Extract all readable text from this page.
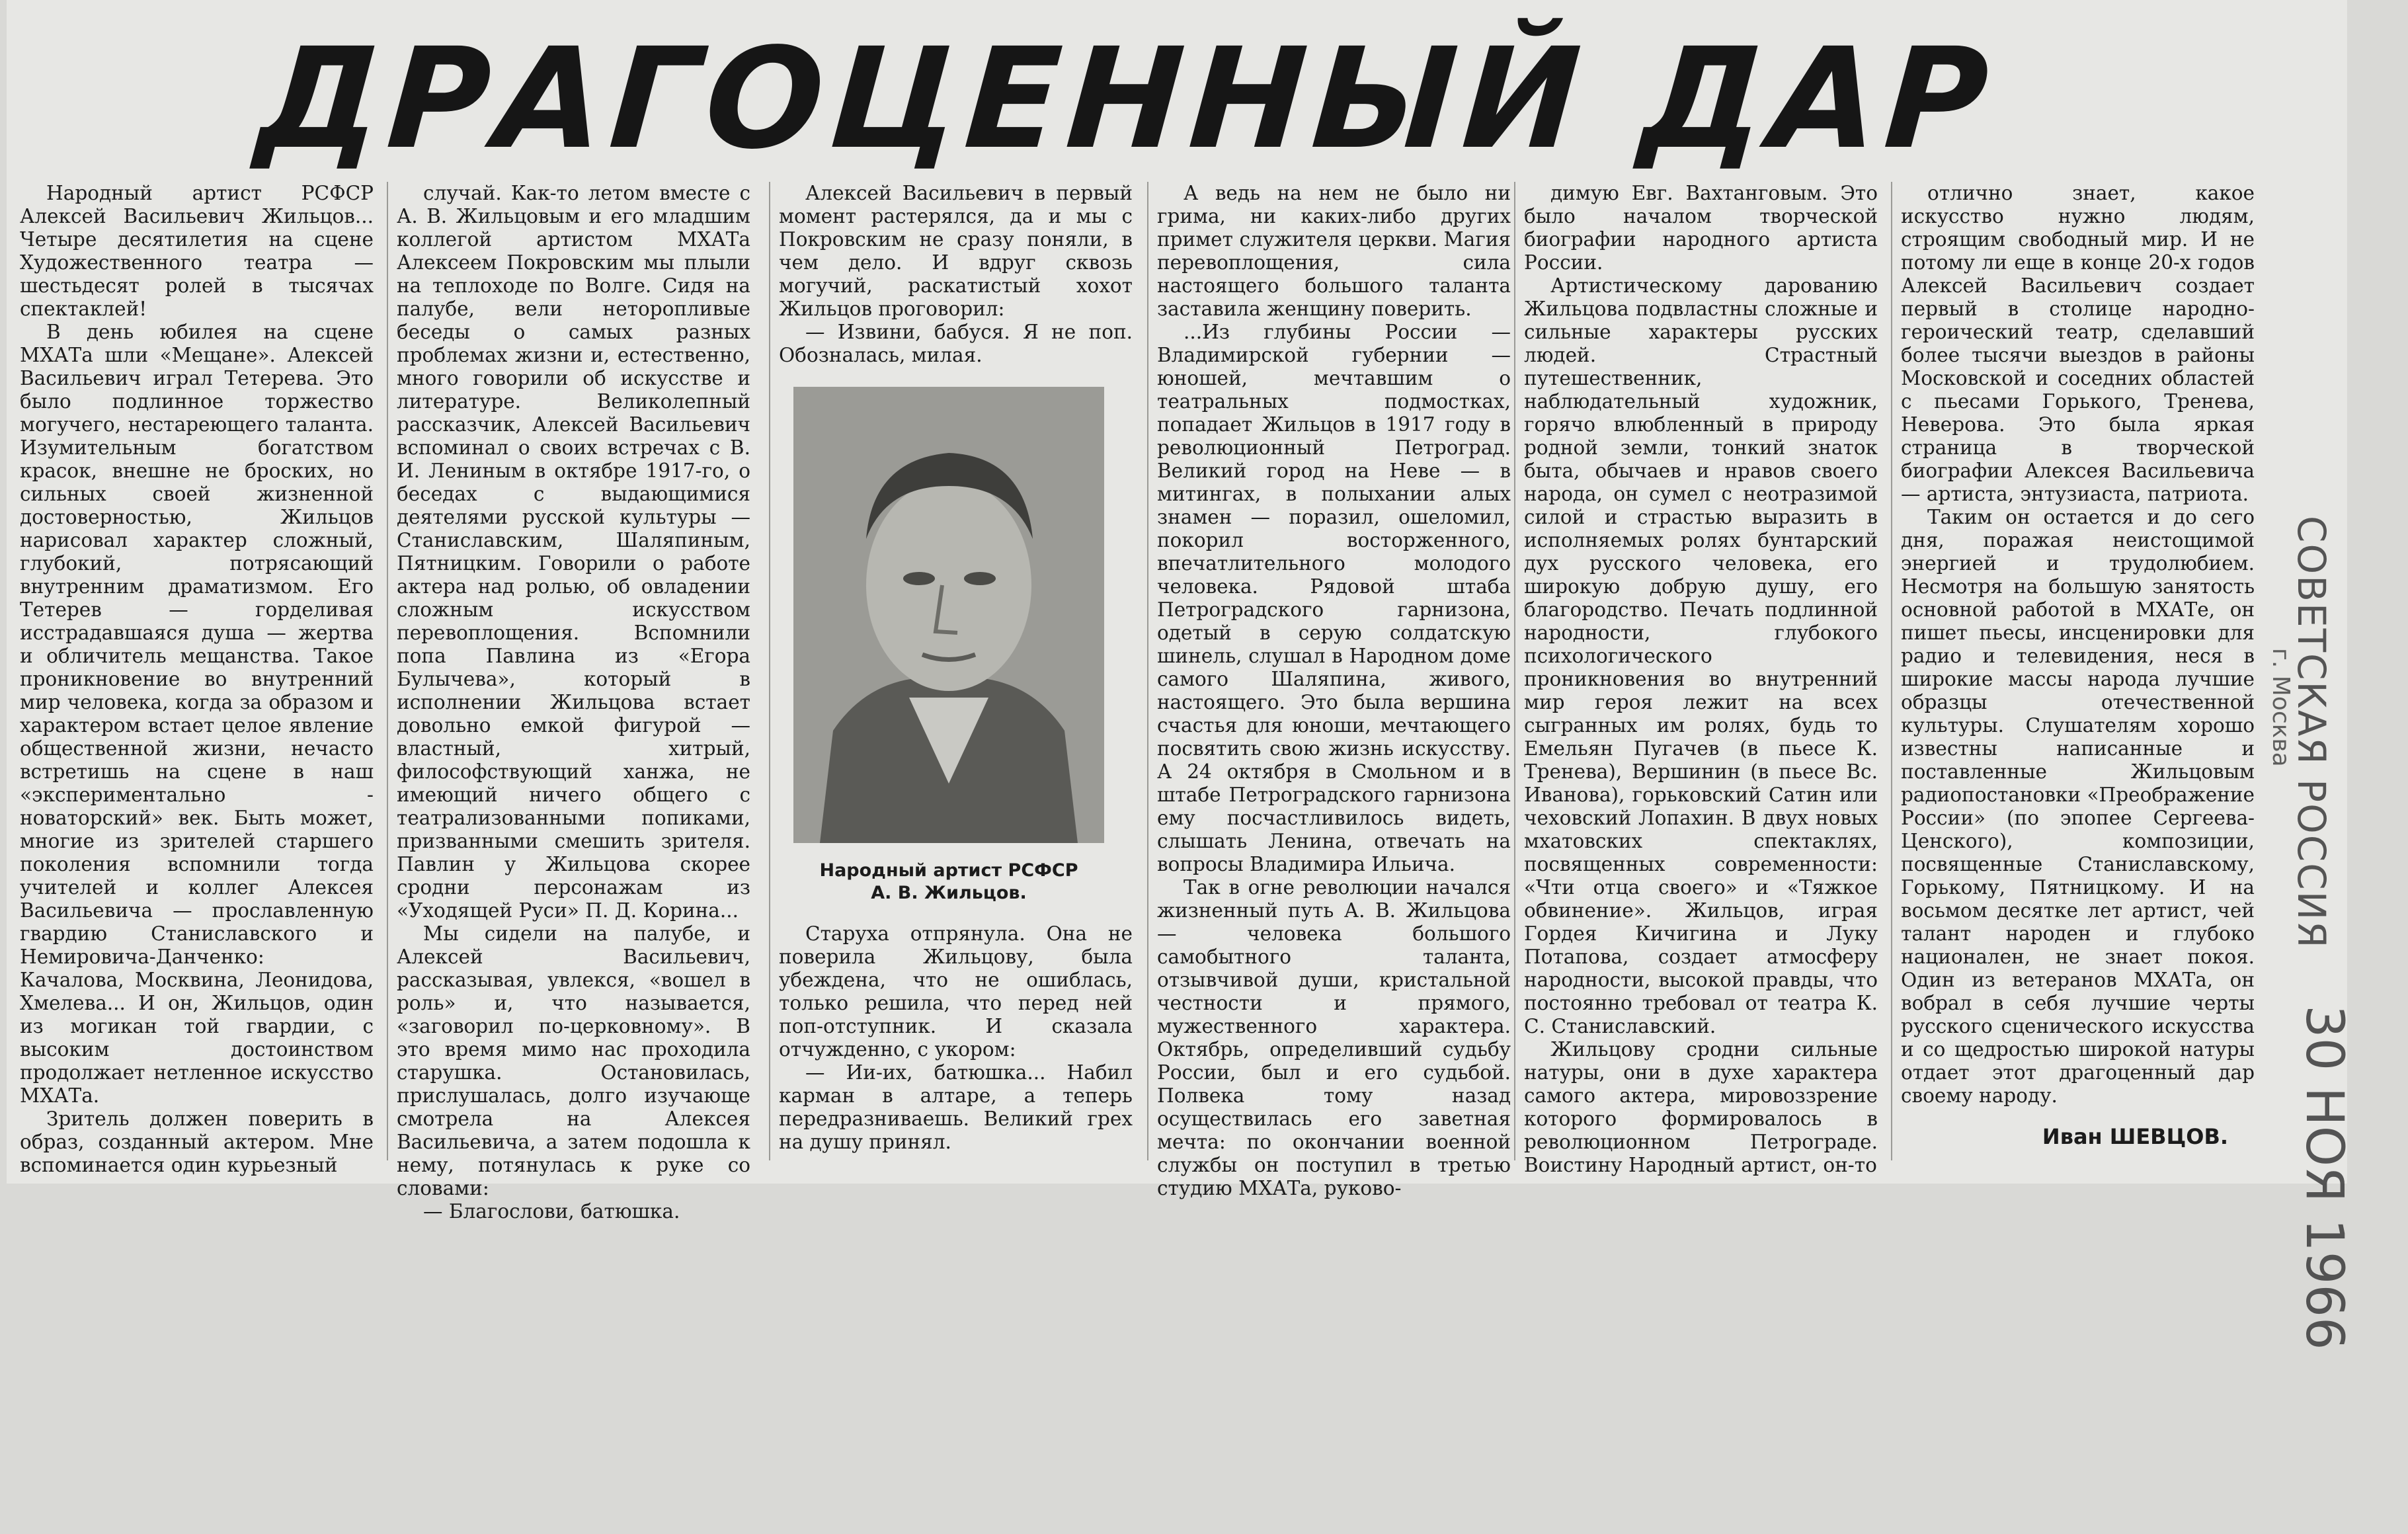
ДРАГОЦЕННЫЙ ДАР

Народный артист РСФСР Алексей Васильевич Жильцов... Четыре десятилетия на сцене Художественного театра — шестьдесят ролей в тысячах спектаклей!

В день юбилея на сцене МХАТа шли «Мещане». Алексей Васильевич играл Тетерева. Это было подлинное торжество могучего, нестареющего таланта. Изумительным богатством красок, внешне не броских, но сильных своей жизненной достоверностью, Жильцов нарисовал характер сложный, глубокий, потрясающий внутренним драматизмом. Его Тетерев — горделивая исстрадавшаяся душа — жертва и обличитель мещанства. Такое проникновение во внутренний мир человека, когда за образом и характером встает целое явление общественной жизни, нечасто встретишь на сцене в наш «экспериментально - новаторский» век. Быть может, многие из зрителей старшего поколения вспомнили тогда учителей и коллег Алексея Васильевича — прославленную гвардию Станиславского и Немировича-Данченко: Качалова, Москвина, Леонидова, Хмелева... И он, Жильцов, один из могикан той гвардии, с высоким достоинством продолжает нетленное искусство МХАТа.

Зритель должен поверить в образ, созданный актером. Мне вспоминается один курьезный

случай. Как-то летом вместе с А. В. Жильцовым и его младшим коллегой артистом МХАТа Алексеем Покровским мы плыли на теплоходе по Волге. Сидя на палубе, вели неторопливые беседы о самых разных проблемах жизни и, естественно, много говорили об искусстве и литературе. Великолепный рассказчик, Алексей Васильевич вспоминал о своих встречах с В. И. Лениным в октябре 1917-го, о беседах с выдающимися деятелями русской культуры — Станиславским, Шаляпиным, Пятницким. Говорили о работе актера над ролью, об овладении сложным искусством перевоплощения. Вспомнили попа Павлина из «Егора Булычева», который в исполнении Жильцова встает довольно емкой фигурой — властный, хитрый, философствующий ханжа, не имеющий ничего общего с театрализованными попиками, призванными смешить зрителя. Павлин у Жильцова скорее сродни персонажам из «Уходящей Руси» П. Д. Корина...

Мы сидели на палубе, и Алексей Васильевич, рассказывая, увлекся, «вошел в роль» и, что называется, «заговорил по-церковному». В это время мимо нас проходила старушка. Остановилась, прислушалась, долго изучающе смотрела на Алексея Васильевича, а затем подошла к нему, потянулась к руке со словами:

— Благослови, батюшка.

Алексей Васильевич в первый момент растерялся, да и мы с Покровским не сразу поняли, в чем дело. И вдруг сквозь могучий, раскатистый хохот Жильцов проговорил:

— Извини, бабуся. Я не поп. Обозналась, милая.

Старуха отпрянула. Она не поверила Жильцову, была убеждена, что не ошиблась, только решила, что перед ней поп-отступник. И сказала отчужденно, с укором:

— Ии-их, батюшка... Набил карман в алтаре, а теперь передразниваешь. Великий грех на душу принял.

Народный артист РСФСР
А. В. Жильцов.

А ведь на нем не было ни грима, ни каких-либо других примет служителя церкви. Магия перевоплощения, сила настоящего большого таланта заставила женщину поверить.

...Из глубины России — Владимирской губернии — юношей, мечтавшим о театральных подмостках, попадает Жильцов в 1917 году в революционный Петроград. Великий город на Неве — в митингах, в полыхании алых знамен — поразил, ошеломил, покорил восторженного, впечатлительного молодого человека. Рядовой штаба Петроградского гарнизона, одетый в серую солдатскую шинель, слушал в Народном доме самого Шаляпина, живого, настоящего. Это была вершина счастья для юноши, мечтающего посвятить свою жизнь искусству. А 24 октября в Смольном и в штабе Петроградского гарнизона ему посчастливилось видеть, слышать Ленина, отвечать на вопросы Владимира Ильича.

Так в огне революции начался жизненный путь А. В. Жильцова — человека большого самобытного таланта, отзывчивой души, кристальной честности и прямого, мужественного характера. Октябрь, определивший судьбу России, был и его судьбой. Полвека тому назад осуществилась его заветная мечта: по окончании военной службы он поступил в третью студию МХАТа, руково-

димую Евг. Вахтанговым. Это было началом творческой биографии народного артиста России.

Артистическому дарованию Жильцова подвластны сложные и сильные характеры русских людей. Страстный путешественник, наблюдательный художник, горячо влюбленный в природу родной земли, тонкий знаток быта, обычаев и нравов своего народа, он сумел с неотразимой силой и страстью выразить в исполняемых ролях бунтарский дух русского человека, его широкую добрую душу, его благородство. Печать подлинной народности, глубокого психологического проникновения во внутренний мир героя лежит на всех сыгранных им ролях, будь то Емельян Пугачев (в пьесе К. Тренева), Вершинин (в пьесе Вс. Иванова), горьковский Сатин или чеховский Лопахин. В двух новых мхатовских спектаклях, посвященных современности: «Чти отца своего» и «Тяжкое обвинение». Жильцов, играя Гордея Кичигина и Луку Потапова, создает атмосферу народности, высокой правды, что постоянно требовал от театра К. С. Станиславский.

Жильцову сродни сильные натуры, они в духе характера самого актера, мировоззрение которого формировалось в революционном Петрограде. Воистину Народный артист, он-то

отлично знает, какое искусство нужно людям, строящим свободный мир. И не потому ли еще в конце 20-х годов Алексей Васильевич создает первый в столице народно-героический театр, сделавший более тысячи выездов в районы Московской и соседних областей с пьесами Горького, Тренева, Неверова. Это была яркая страница в творческой биографии Алексея Васильевича — артиста, энтузиаста, патриота.

Таким он остается и до сего дня, поражая неистощимой энергией и трудолюбием. Несмотря на большую занятость основной работой в МХАТе, он пишет пьесы, инсценировки для радио и телевидения, неся в широкие массы народа лучшие образцы отечественной культуры. Слушателям хорошо известны написанные и поставленные Жильцовым радиопостановки «Преображение России» (по эпопее Сергеева-Ценского), композиции, посвященные Станиславскому, Горькому, Пятницкому. И на восьмом десятке лет артист, чей талант народен и глубоко национален, не знает покоя. Один из ветеранов МХАТа, он вобрал в себя лучшие черты русского сценического искусства и со щедростью широкой натуры отдает этот драгоценный дар своему народу.

Иван ШЕВЦОВ.
СОВЕТСКАЯ РОССИЯ
г. Москва
30 НОЯ 1966
